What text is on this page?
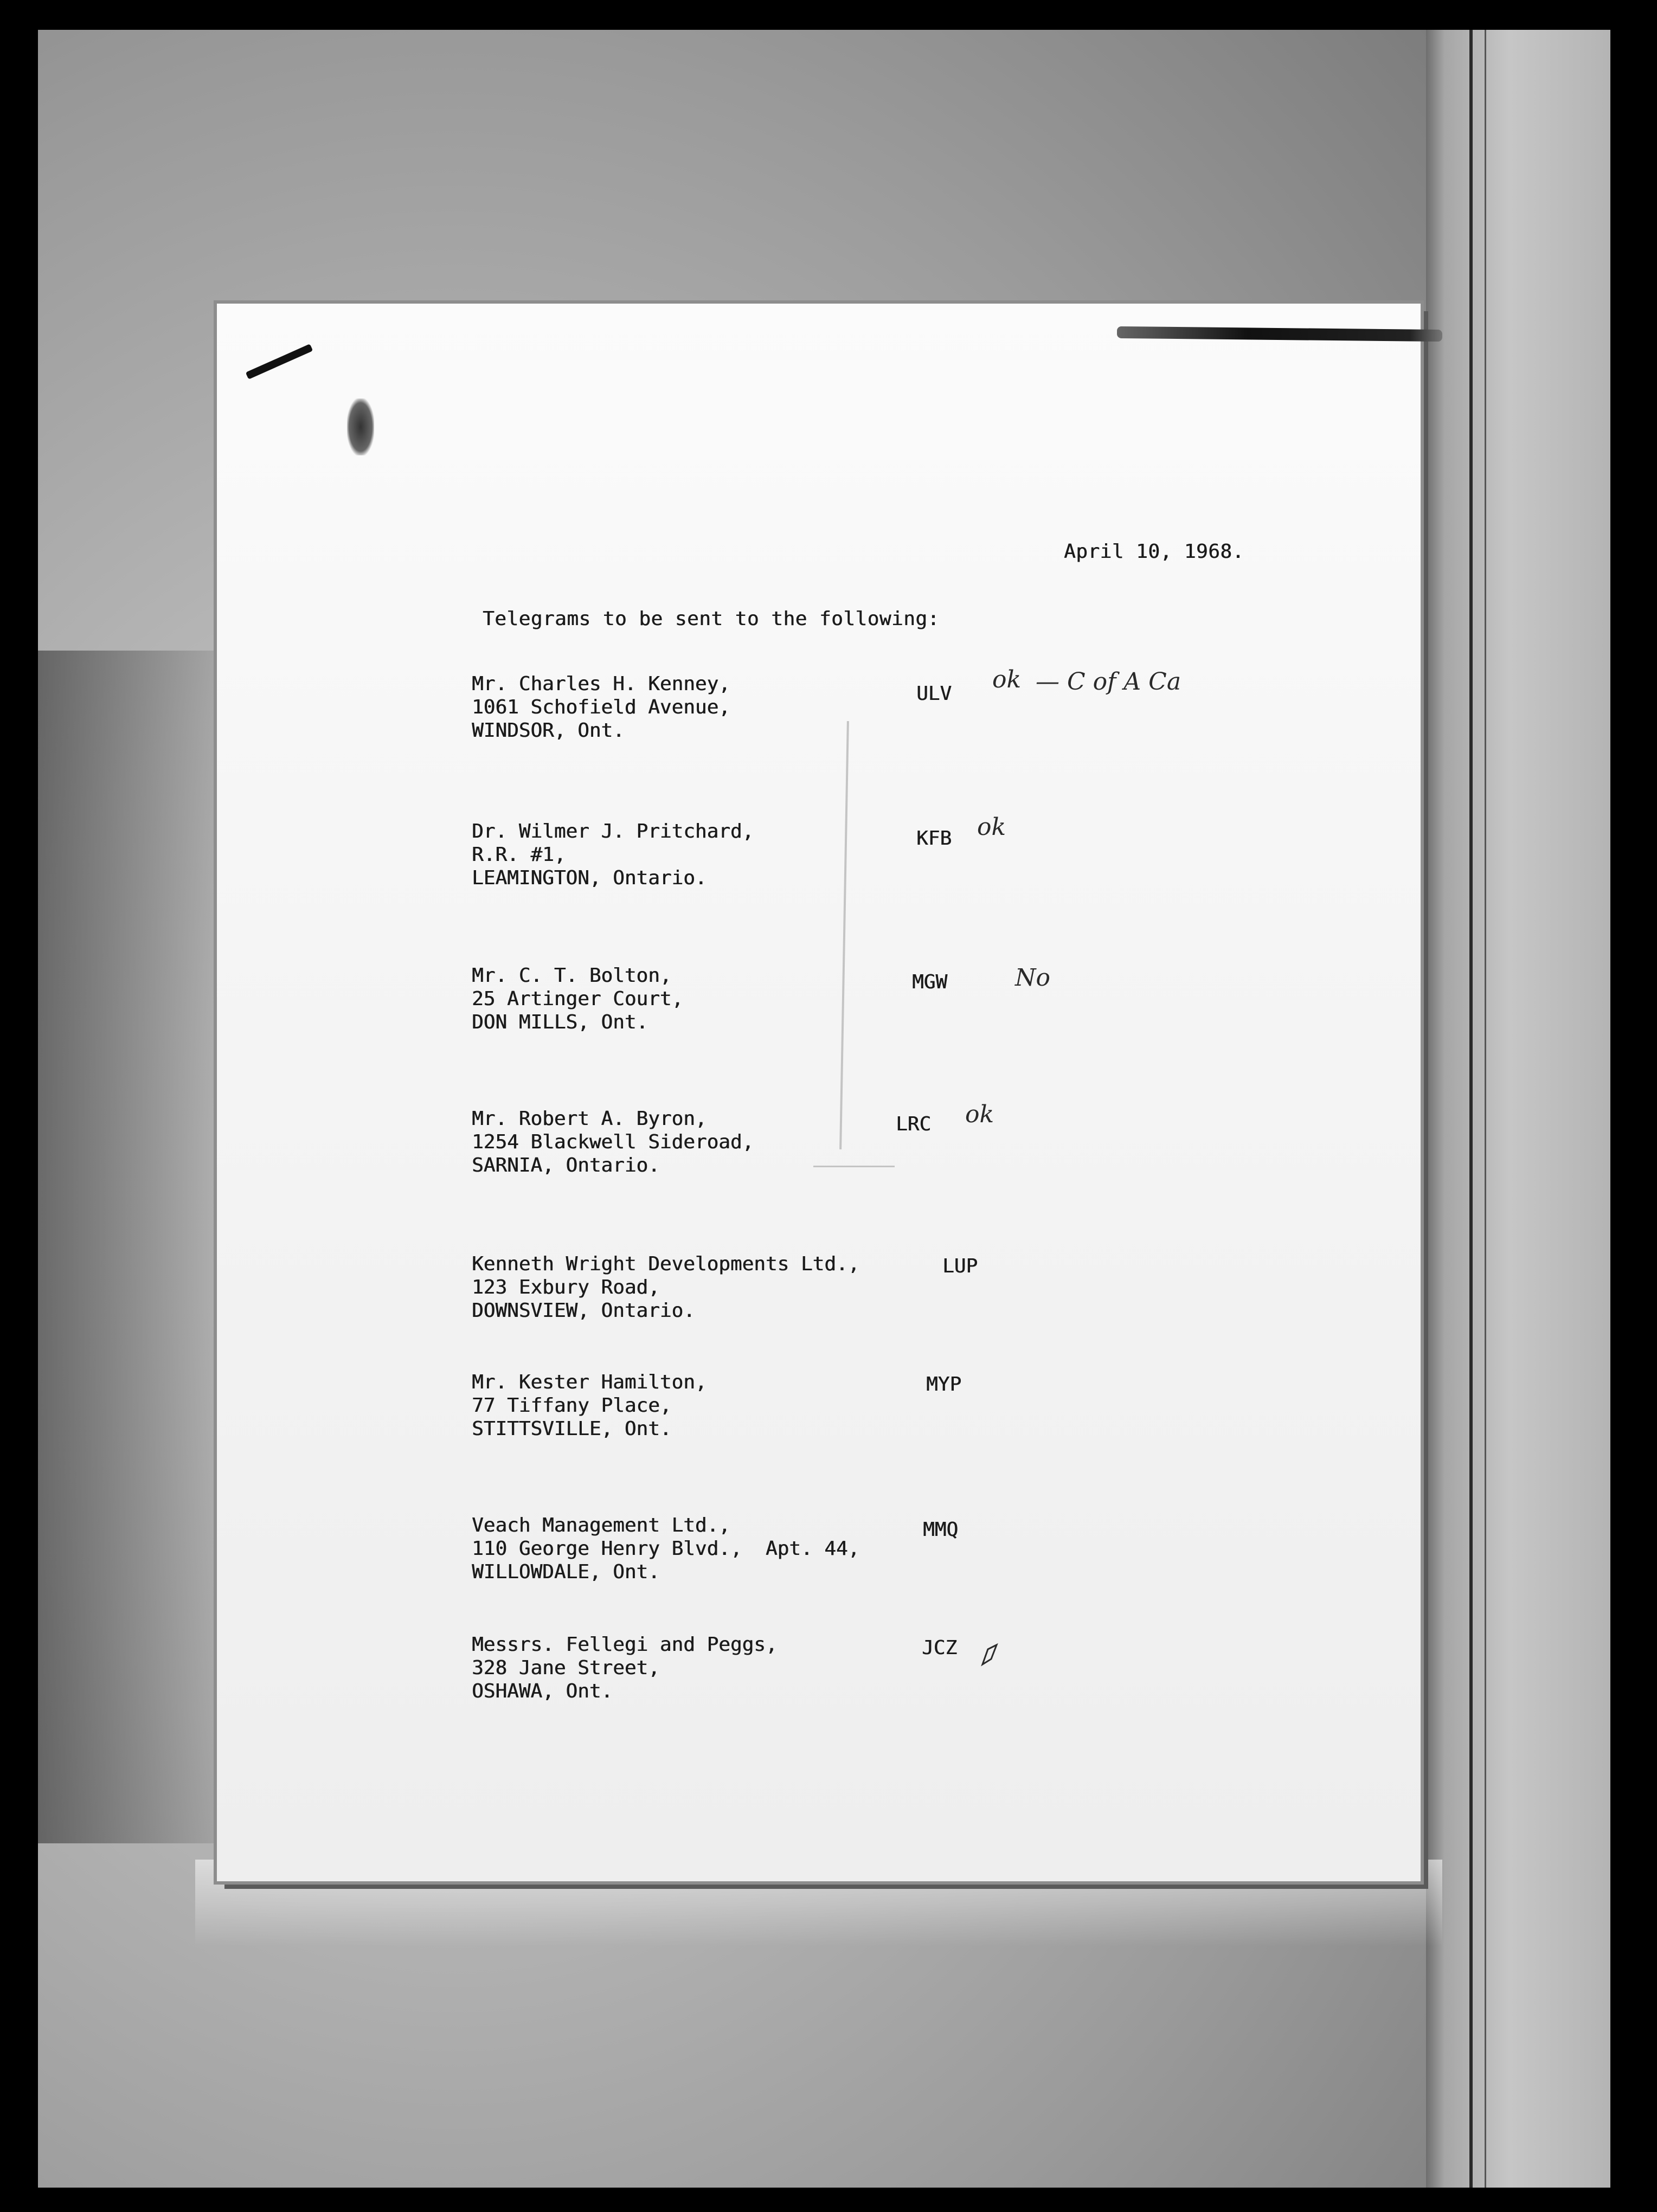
April 10, 1968.
Telegrams to be sent to the following:
Mr. Charles H. Kenney,
1061 Schofield Avenue,
WINDSOR, Ont.
ULV
ok — C of A Ca
Dr. Wilmer J. Pritchard,
R.R. #1,
LEAMINGTON, Ontario.
KFB ok
Mr. C. T. Bolton,
25 Artinger Court,
DON MILLS, Ont.
MGW	No
Mr. Robert A. Byron,
1254 Blackwell Sideroad,
SARNIA, Ontario.
LRC ok
Kenneth Wright Developments Ltd.,
123 Exbury Road,
DOWNSVIEW, Ontario.
LUP
Mr. Kester Hamilton,
77 Tiffany Place,
STITTSVILLE, Ont.
MYP
Veach Management Ltd.,
110 George Henry Blvd.,  Apt. 44,
WILLOWDALE, Ont.
MMQ
Messrs. Fellegi and Peggs,
328 Jane Street,
OSHAWA, Ont.
JCZ
